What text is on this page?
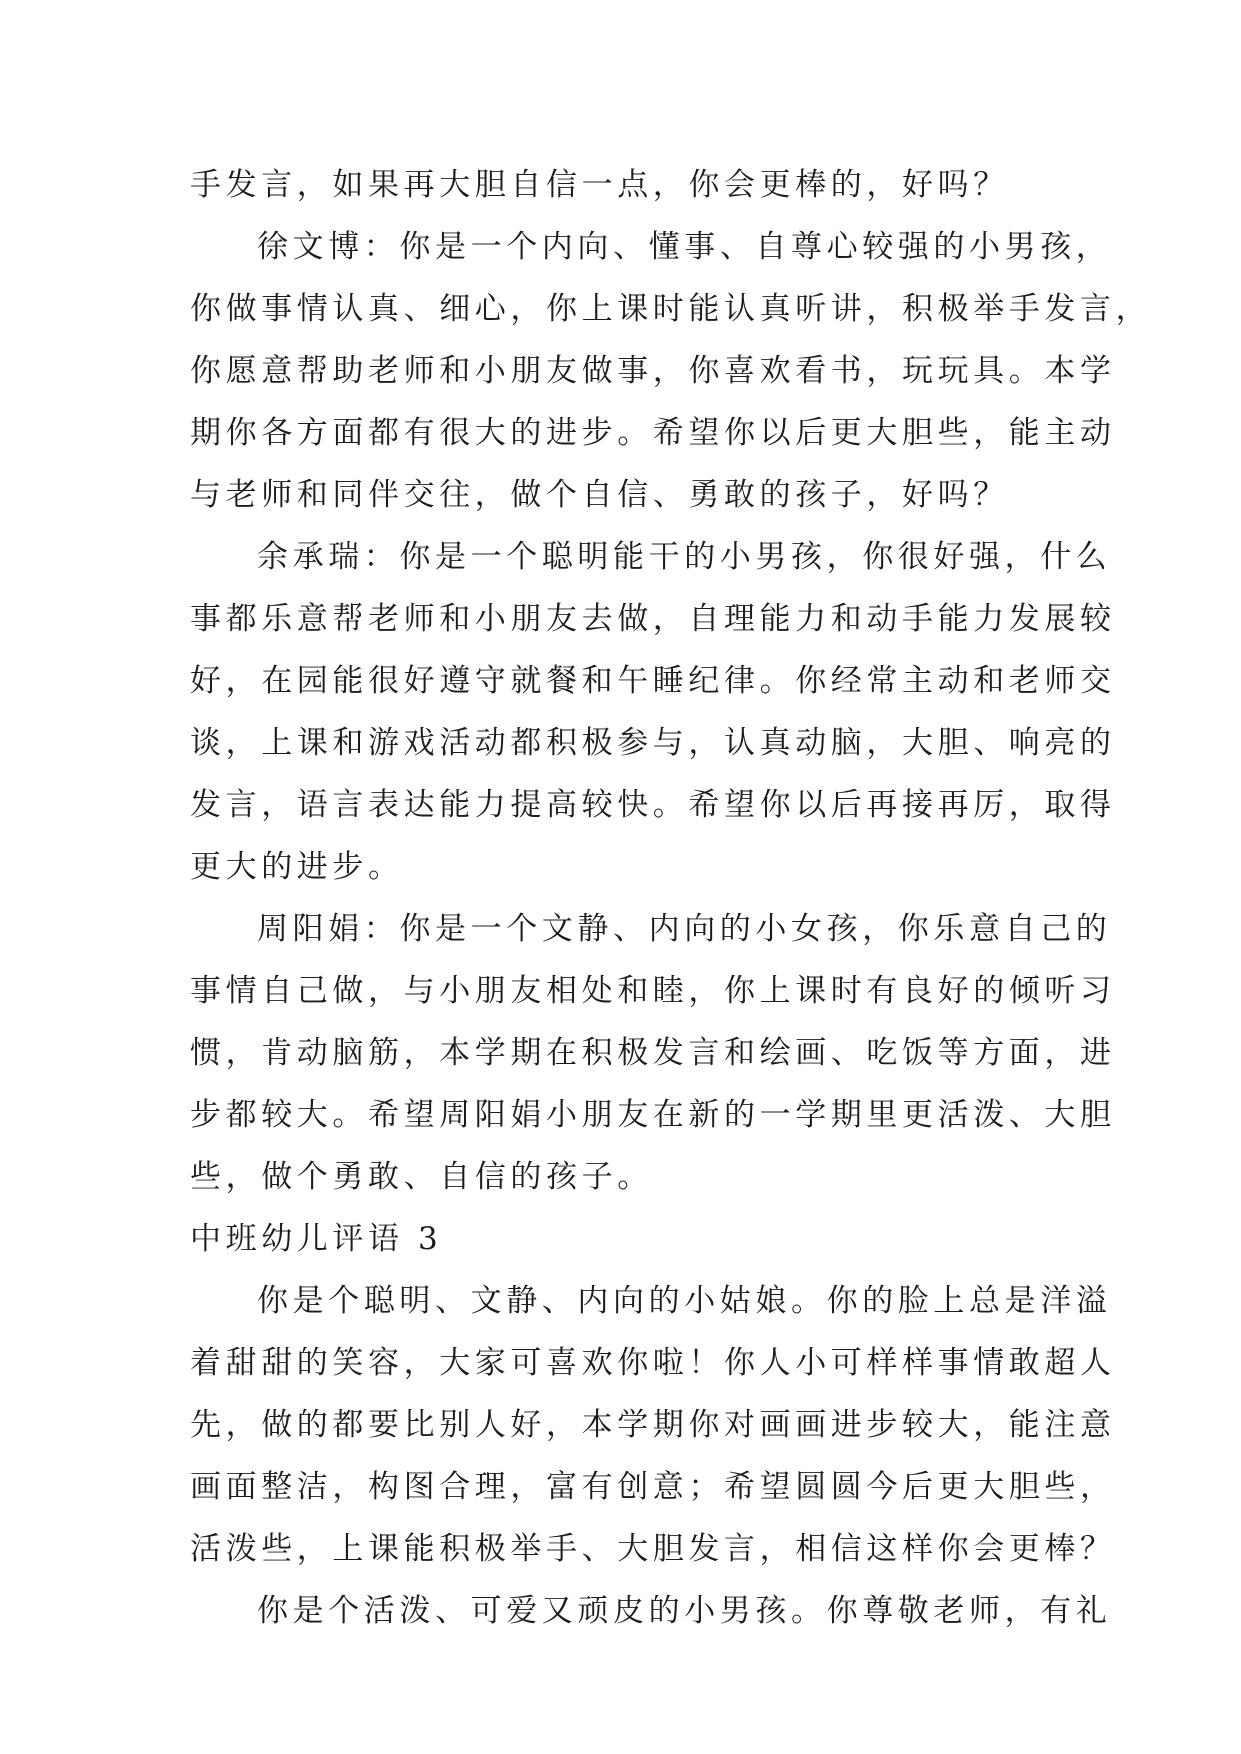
手发言，如果再大胆自信一点，你会更棒的，好吗？
徐文博：你是一个内向、懂事、自尊心较强的小男孩，
你做事情认真、细心，你上课时能认真听讲，积极举手发言，
你愿意帮助老师和小朋友做事，你喜欢看书，玩玩具。本学
期你各方面都有很大的进步。希望你以后更大胆些，能主动
与老师和同伴交往，做个自信、勇敢的孩子，好吗？
余承瑞：你是一个聪明能干的小男孩，你很好强，什么
事都乐意帮老师和小朋友去做，自理能力和动手能力发展较
好，在园能很好遵守就餐和午睡纪律。你经常主动和老师交
谈，上课和游戏活动都积极参与，认真动脑，大胆、响亮的
发言，语言表达能力提高较快。希望你以后再接再厉，取得
更大的进步。
周阳娟：你是一个文静、内向的小女孩，你乐意自己的
事情自己做，与小朋友相处和睦，你上课时有良好的倾听习
惯，肯动脑筋，本学期在积极发言和绘画、吃饭等方面，进
步都较大。希望周阳娟小朋友在新的一学期里更活泼、大胆
些，做个勇敢、自信的孩子。
中班幼儿评语 3
你是个聪明、文静、内向的小姑娘。你的脸上总是洋溢
着甜甜的笑容，大家可喜欢你啦！你人小可样样事情敢超人
先，做的都要比别人好，本学期你对画画进步较大，能注意
画面整洁，构图合理，富有创意；希望圆圆今后更大胆些，
活泼些，上课能积极举手、大胆发言，相信这样你会更棒？
你是个活泼、可爱又顽皮的小男孩。你尊敬老师，有礼
